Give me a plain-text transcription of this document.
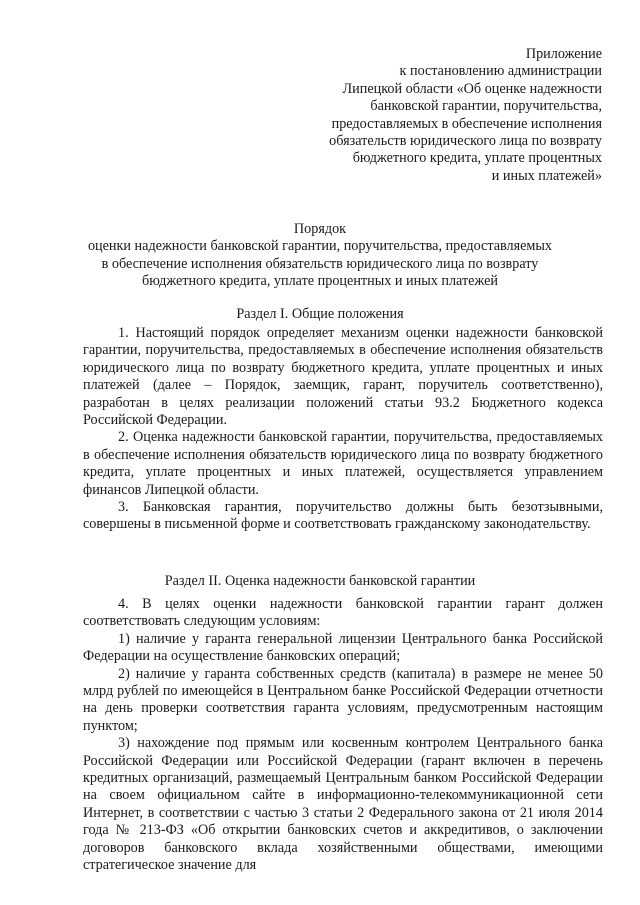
Приложение
к постановлению администрации
Липецкой области «Об оценке надежности
банковской гарантии, поручительства,
предоставляемых в обеспечение исполнения
обязательств юридического лица по возврату
бюджетного кредита, уплате процентных
и иных платежей»
Порядок
оценки надежности банковской гарантии, поручительства, предоставляемых
в обеспечение исполнения обязательств юридического лица по возврату
бюджетного кредита, уплате процентных и иных платежей
Раздел I. Общие положения

1. Настоящий порядок определяет механизм оценки надежности банковской гарантии, поручительства, предоставляемых в обеспечение исполнения обязательств юридического лица по возврату бюджетного кредита, уплате процентных и иных платежей (далее – Порядок, заемщик, гарант, поручитель соответственно), разработан в целях реализации положений статьи 93.2 Бюджетного кодекса Российской Федерации.

2. Оценка надежности банковской гарантии, поручительства, предоставляемых в обеспечение исполнения обязательств юридического лица по возврату бюджетного кредита, уплате процентных и иных платежей, осуществляется управлением финансов Липецкой области.

3. Банковская гарантия, поручительство должны быть безотзывными, совершены в письменной форме и соответствовать гражданскому законодательству.

Раздел II. Оценка надежности банковской гарантии

4. В целях оценки надежности банковской гарантии гарант должен соответствовать следующим условиям:

1) наличие у гаранта генеральной лицензии Центрального банка Российской Федерации на осуществление банковских операций;

2) наличие у гаранта собственных средств (капитала) в размере не менее 50 млрд рублей по имеющейся в Центральном банке Российской Федерации отчетности на день проверки соответствия гаранта условиям, предусмотренным настоящим пунктом;

3) нахождение под прямым или косвенным контролем Центрального банка Российской Федерации или Российской Федерации (гарант включен в перечень кредитных организаций, размещаемый Центральным банком Российской Федерации на своем официальном сайте в информационно-телекоммуникационной сети Интернет, в соответствии с частью 3 статьи 2 Федерального закона от 21 июля 2014 года № 213-ФЗ «Об открытии банковских счетов и аккредитивов, о заключении договоров банковского вклада хозяйственными обществами, имеющими стратегическое значение для
